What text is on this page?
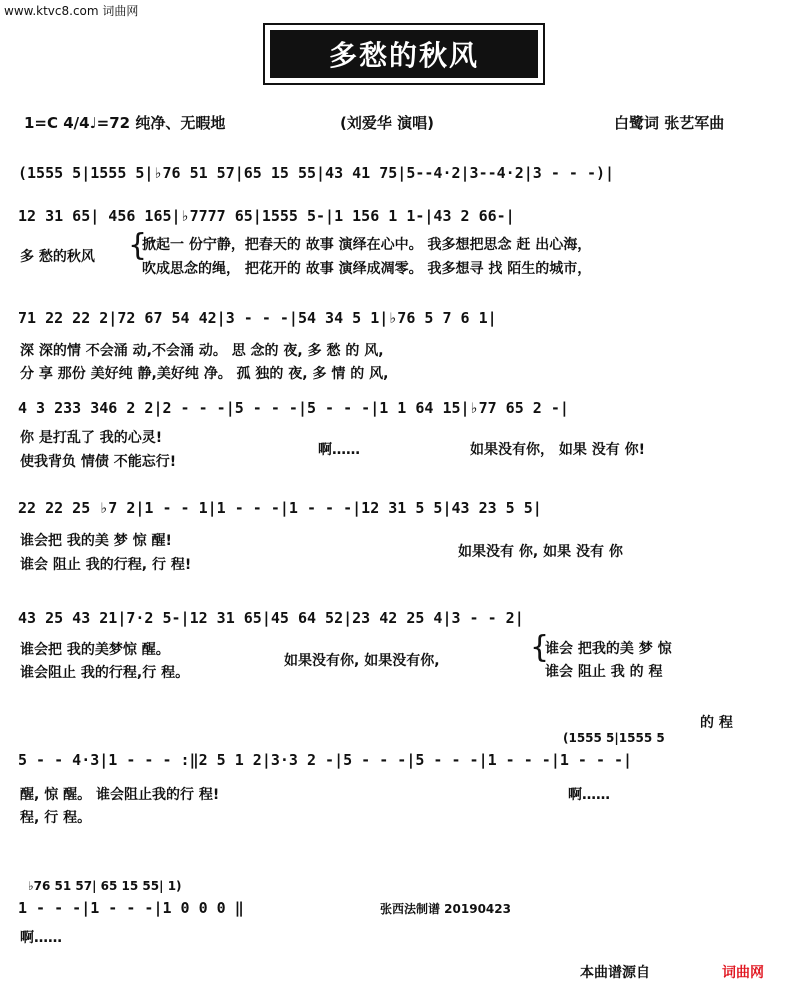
www.ktvc8.com 词曲网
多愁的秋风
1=C 4/4♩=72 纯净、无暇地	(刘爱华 演唱)	白鹭词 张艺军曲
(1555 5|1555 5|♭76 51 57|65 15 55|43 41 75|5--4·2|3--4·2|3 - - -)|
12 31 65| 456 165|♭7777 65|1555 5-|1 156 1 1-|43 2 66-|
多 愁的秋风 {
掀起一 份宁静，把春天的 故事 演绎在心中。 我多想把思念 赶 出心海，
吹成思念的绳， 把花开的 故事 演绎成凋零。 我多想寻 找 陌生的城市，
71 22 22 2|72 67 54 42|3 - - -|54 34 5 1|♭76 5 7 6 1|
深 深的情 不会涌 动,不会涌 动。 思 念的 夜, 多 愁 的 风,
分 享 那份 美好纯 静,美好纯 净。 孤 独的 夜, 多 情 的 风,
4 3 233 346 2 2|2 - - -|5 - - -|5 - - -|1 1 64 15|♭77 65 2 -|
你 是打乱了 我的心灵!
使我背负 情债 不能忘行!
啊……	如果没有你， 如果 没有 你!
22 22 25 ♭7 2|1 - - 1|1 - - -|1 - - -|12 31 5 5|43 23 5 5|
谁会把 我的美 梦 惊 醒!
谁会 阻止 我的行程, 行 程!
如果没有 你, 如果 没有 你
43 25 43 21|7·2 5-|12 31 65|45 64 52|23 42 25 4|3 - - 2|
谁会把 我的美梦惊 醒。
谁会阻止 我的行程,行 程。
如果没有你, 如果没有你,	{
谁会 把我的美 梦 惊
谁会 阻止 我 的 程
的 程
(1555 5|1555 5
5 - - 4·3|1 - - - :‖2 5 1 2|3·3 2 -|5 - - -|5 - - -|1 - - -|1 - - -|
醒, 惊 醒。 谁会阻止我的行 程!
程, 行 程。
啊……
♭76 51 57| 65 15 55| 1)
1 - - -|1 - - -|1 0 0 0 ‖
啊……
张西法制谱 20190423
本曲谱源自	词曲网
